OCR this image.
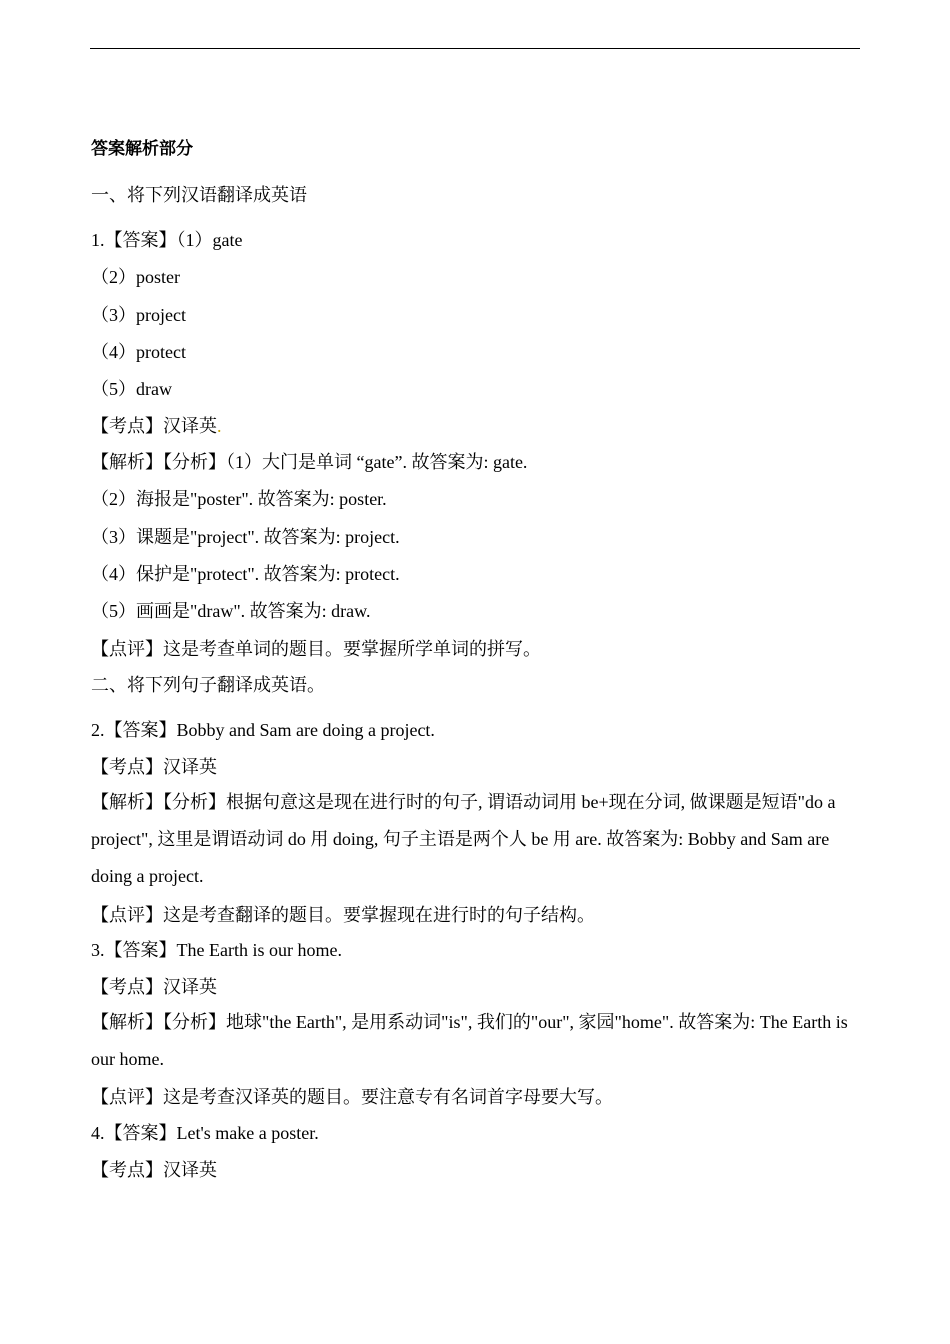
答案解析部分
一、将下列汉语翻译成英语
1.【答案】（1）gate
（2）poster
（3）project
（4）protect
（5）draw
【考点】汉译英.
【解析】【分析】（1）大门是单词 “gate”. 故答案为: gate.
（2）海报是"poster". 故答案为: poster.
（3）课题是"project". 故答案为: project.
（4）保护是"protect". 故答案为: protect.
（5）画画是"draw". 故答案为: draw.
【点评】这是考查单词的题目。要掌握所学单词的拼写。
二、将下列句子翻译成英语。
2.【答案】Bobby and Sam are doing a project.
【考点】汉译英
【解析】【分析】根据句意这是现在进行时的句子, 谓语动词用 be+现在分词, 做课题是短语"do a project", 这里是谓语动词 do 用 doing, 句子主语是两个人 be 用 are. 故答案为: Bobby and Sam are doing a project.
【点评】这是考查翻译的题目。要掌握现在进行时的句子结构。
3.【答案】The Earth is our home.
【考点】汉译英
【解析】【分析】地球"the Earth", 是用系动词"is", 我们的"our", 家园"home". 故答案为: The Earth is our home.
【点评】这是考查汉译英的题目。要注意专有名词首字母要大写。
4.【答案】Let's make a poster.
【考点】汉译英
